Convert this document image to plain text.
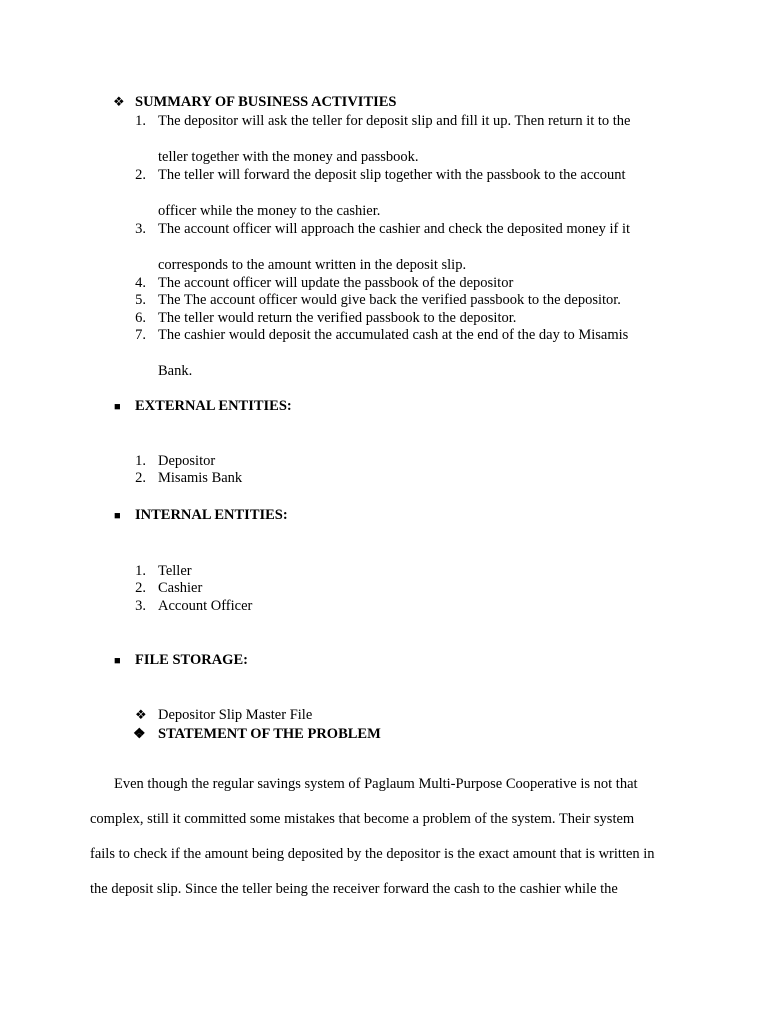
❖ SUMMARY OF BUSINESS ACTIVITIES
1. The depositor will ask the teller for deposit slip and fill it up. Then return it to the
teller together with the money and passbook.
2. The teller will forward the deposit slip together with the passbook to the account
officer while the money to the cashier.
3. The account officer will approach the cashier and check the deposited money if it
corresponds to the amount written in the deposit slip.
4. The account officer will update the passbook of the depositor
5. The The account officer would give back the verified passbook to the depositor.
6. The teller would return the verified passbook to the depositor.
7. The cashier would deposit the accumulated cash at the end of the day to Misamis
Bank.
■ EXTERNAL ENTITIES:
1. Depositor
2. Misamis Bank
■ INTERNAL ENTITIES:
1. Teller
2. Cashier
3. Account Officer
■ FILE STORAGE:
❖ Depositor Slip Master File
❖ STATEMENT OF THE PROBLEM
Even though the regular savings system of Paglaum Multi-Purpose Cooperative is not that
complex, still it committed some mistakes that become a problem of the system. Their system
fails to check if the amount being deposited by the depositor is the exact amount that is written in
the deposit slip. Since the teller being the receiver forward the cash to the cashier while the
